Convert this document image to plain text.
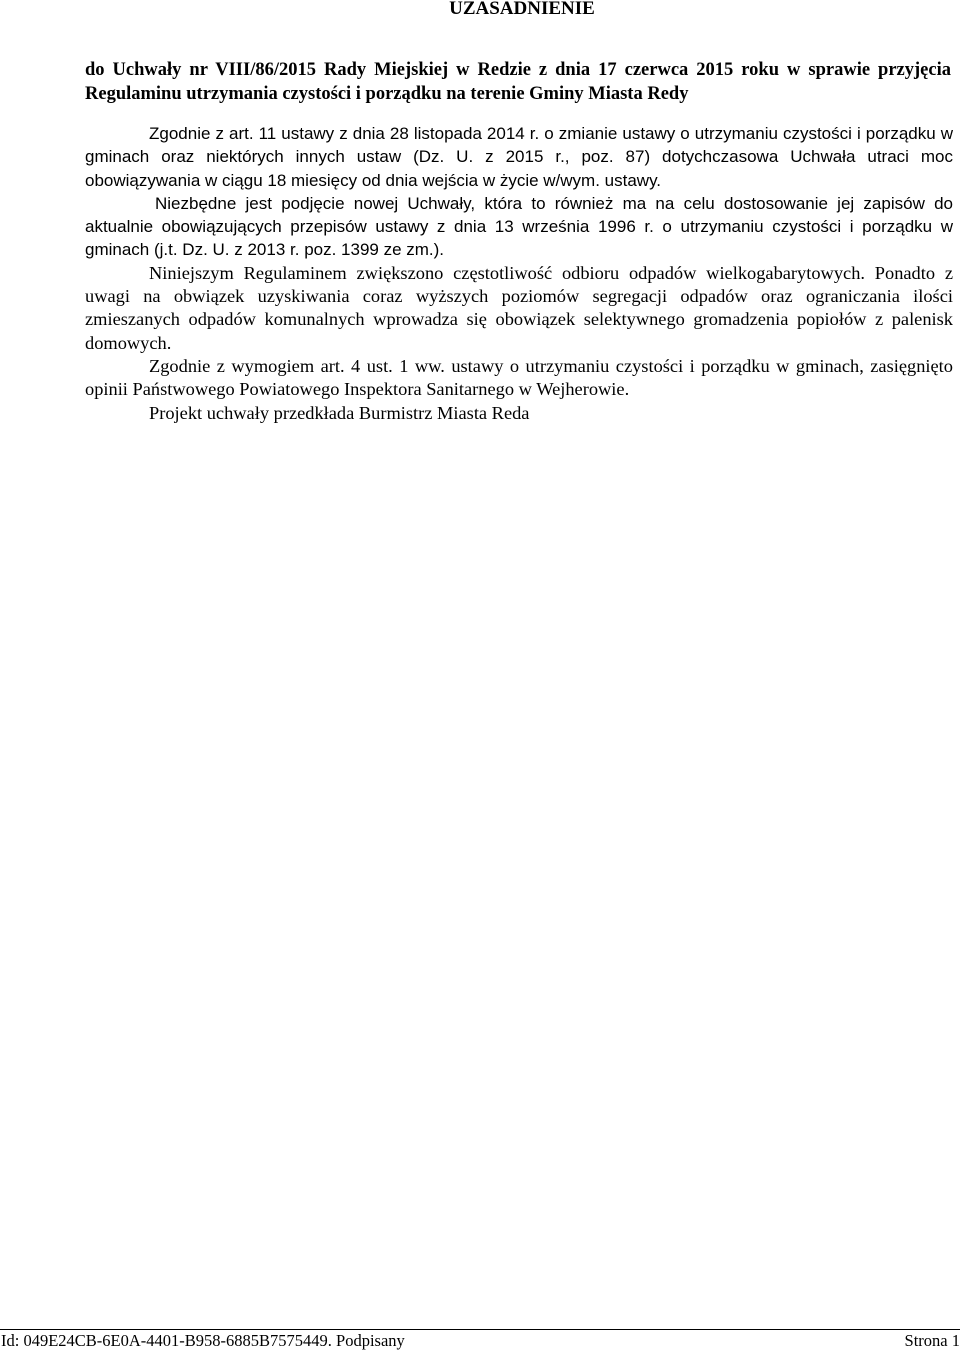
UZASADNIENIE

do Uchwały nr VIII/86/2015 Rady Miejskiej w Redzie z dnia 17 czerwca 2015 roku w sprawie przyjęcia Regulaminu utrzymania czystości i porządku na terenie Gminy Miasta Redy

Zgodnie z art. 11 ustawy z dnia 28 listopada 2014 r. o zmianie ustawy o utrzymaniu czystości i porządku w gminach oraz niektórych innych ustaw (Dz. U. z 2015 r., poz. 87) dotychczasowa Uchwała utraci moc obowiązywania w ciągu 18 miesięcy od dnia wejścia w życie w/wym. ustawy.

Niezbędne jest podjęcie nowej Uchwały, która to również ma na celu dostosowanie jej zapisów do aktualnie obowiązujących przepisów ustawy z dnia 13 września 1996 r. o utrzymaniu czystości i porządku w gminach (j.t. Dz. U. z 2013 r. poz. 1399 ze zm.).

Niniejszym Regulaminem zwiększono częstotliwość odbioru odpadów wielkogabarytowych. Ponadto z uwagi na obwiązek uzyskiwania coraz wyższych poziomów segregacji odpadów oraz ograniczania ilości zmieszanych odpadów komunalnych wprowadza się obowiązek selektywnego gromadzenia popiołów z palenisk domowych.

Zgodnie z wymogiem art. 4 ust. 1 ww. ustawy o utrzymaniu czystości i porządku w gminach, zasięgnięto opinii Państwowego Powiatowego Inspektora Sanitarnego w Wejherowie.

Projekt uchwały przedkłada Burmistrz Miasta Reda

Id: 049E24CB-6E0A-4401-B958-6885B7575449. Podpisany	Strona 1
